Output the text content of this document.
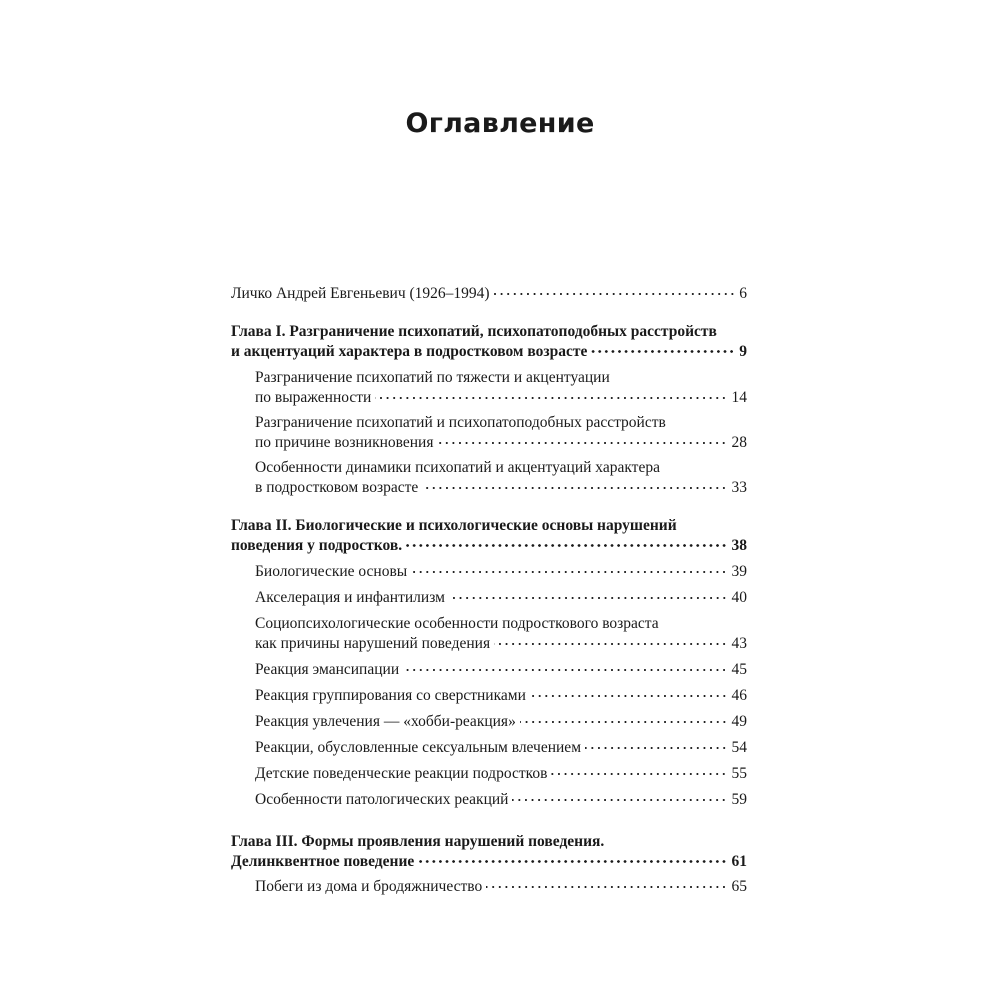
Оглавление
Личко Андрей Евгеньевич (1926–1994)	6
Глава I. Разграничение психопатий, психопатоподобных расстройств
и акцентуаций характера в подростковом возрасте	9
Разграничение психопатий по тяжести и акцентуации
по выраженности	14
Разграничение психопатий и психопатоподобных расстройств
по причине возникновения	28
Особенности динамики психопатий и акцентуаций характера
в подростковом возрасте	33
Глава II. Биологические и психологические основы нарушений
поведения у подростков.	38
Биологические основы	39
Акселерация и инфантилизм	40
Социопсихологические особенности подросткового возраста
как причины нарушений поведения	43
Реакция эмансипации	45
Реакция группирования со сверстниками	46
Реакция увлечения — «хобби-реакция»	49
Реакции, обусловленные сексуальным влечением	54
Детские поведенческие реакции подростков	55
Особенности патологических реакций	59
Глава III. Формы проявления нарушений поведения.
Делинквентное поведение	61
Побеги из дома и бродяжничество	65
